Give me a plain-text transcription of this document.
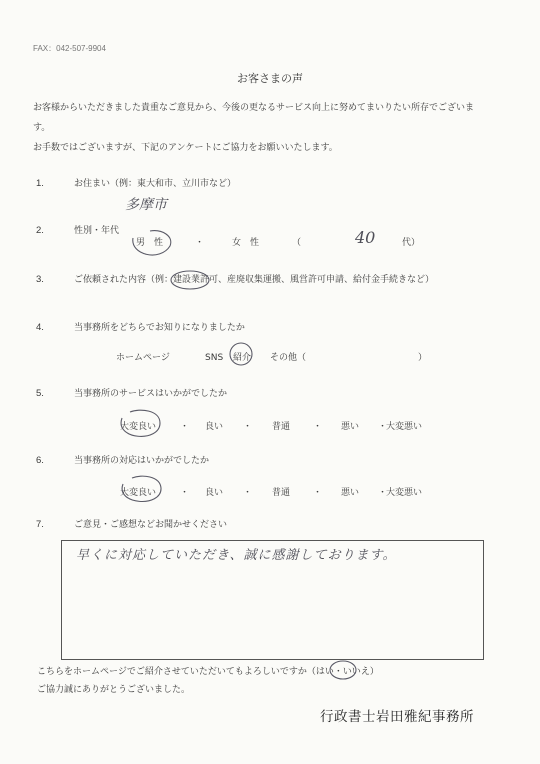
FAX：042-507-9904
お客さまの声
お客様からいただきました貴重なご意見から、今後の更なるサービス向上に努めてまいりたい所存でございま
す。
お手数ではございますが、下記のアンケートにご協力をお願いいたします。
1.	お住まい（例：東大和市、立川市など）
多摩市
2.	性別・年代
男　性	・	女　性	（	40	代）
3.	ご依頼された内容（例：建設業許可、産廃収集運搬、風営許可申請、給付金手続きなど）
4.	当事務所をどちらでお知りになりましたか
ホームページ	SNS 紹介 その他（	）
5.	当事務所のサービスはいかがでしたか
大変良い	・ 良い ・ 普通	・ 悪い ・
大変悪い
6.	当事務所の対応はいかがでしたか
大変良い	・ 良い ・ 普通	・ 悪い ・
大変悪い
7.	ご意見・ご感想などお聞かせください
早くに対応していただき、誠に感謝しております。
こちらをホームページでご紹介させていただいてもよろしいですか（はい・いいえ）
ご協力誠にありがとうございました。
行政書士岩田雅紀事務所
